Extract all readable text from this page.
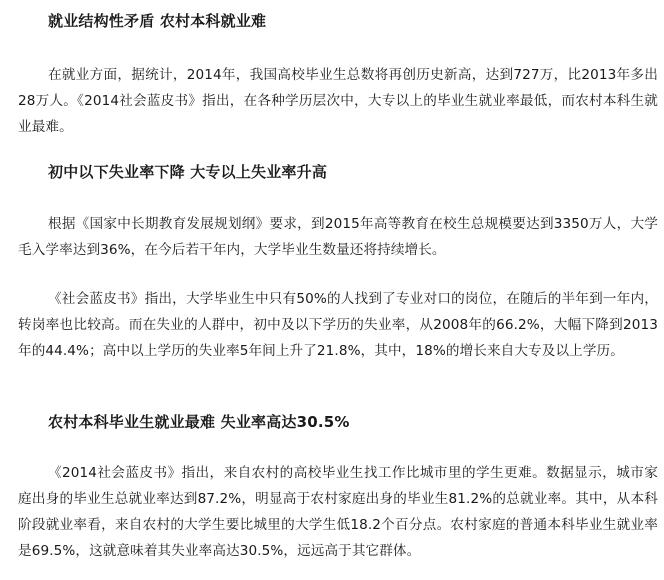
就业结构性矛盾 农村本科就业难

在就业方面，据统计，2014年，我国高校毕业生总数将再创历史新高，达到727万，比2013年多出28万人。《2014社会蓝皮书》指出，在各种学历层次中，大专以上的毕业生就业率最低，而农村本科生就业最难。

初中以下失业率下降 大专以上失业率升高

根据《国家中长期教育发展规划纲》要求，到2015年高等教育在校生总规模要达到3350万人，大学毛入学率达到36%，在今后若干年内，大学毕业生数量还将持续增长。

《社会蓝皮书》指出，大学毕业生中只有50%的人找到了专业对口的岗位，在随后的半年到一年内，转岗率也比较高。而在失业的人群中，初中及以下学历的失业率，从2008年的66.2%，大幅下降到2013年的44.4%；高中以上学历的失业率5年间上升了21.8%，其中，18%的增长来自大专及以上学历。

农村本科毕业生就业最难 失业率高达30.5%

《2014社会蓝皮书》指出，来自农村的高校毕业生找工作比城市里的学生更难。数据显示，城市家庭出身的毕业生总就业率达到87.2%，明显高于农村家庭出身的毕业生81.2%的总就业率。其中，从本科阶段就业率看，来自农村的大学生要比城里的大学生低18.2个百分点。农村家庭的普通本科毕业生就业率是69.5%，这就意味着其失业率高达30.5%，远远高于其它群体。
